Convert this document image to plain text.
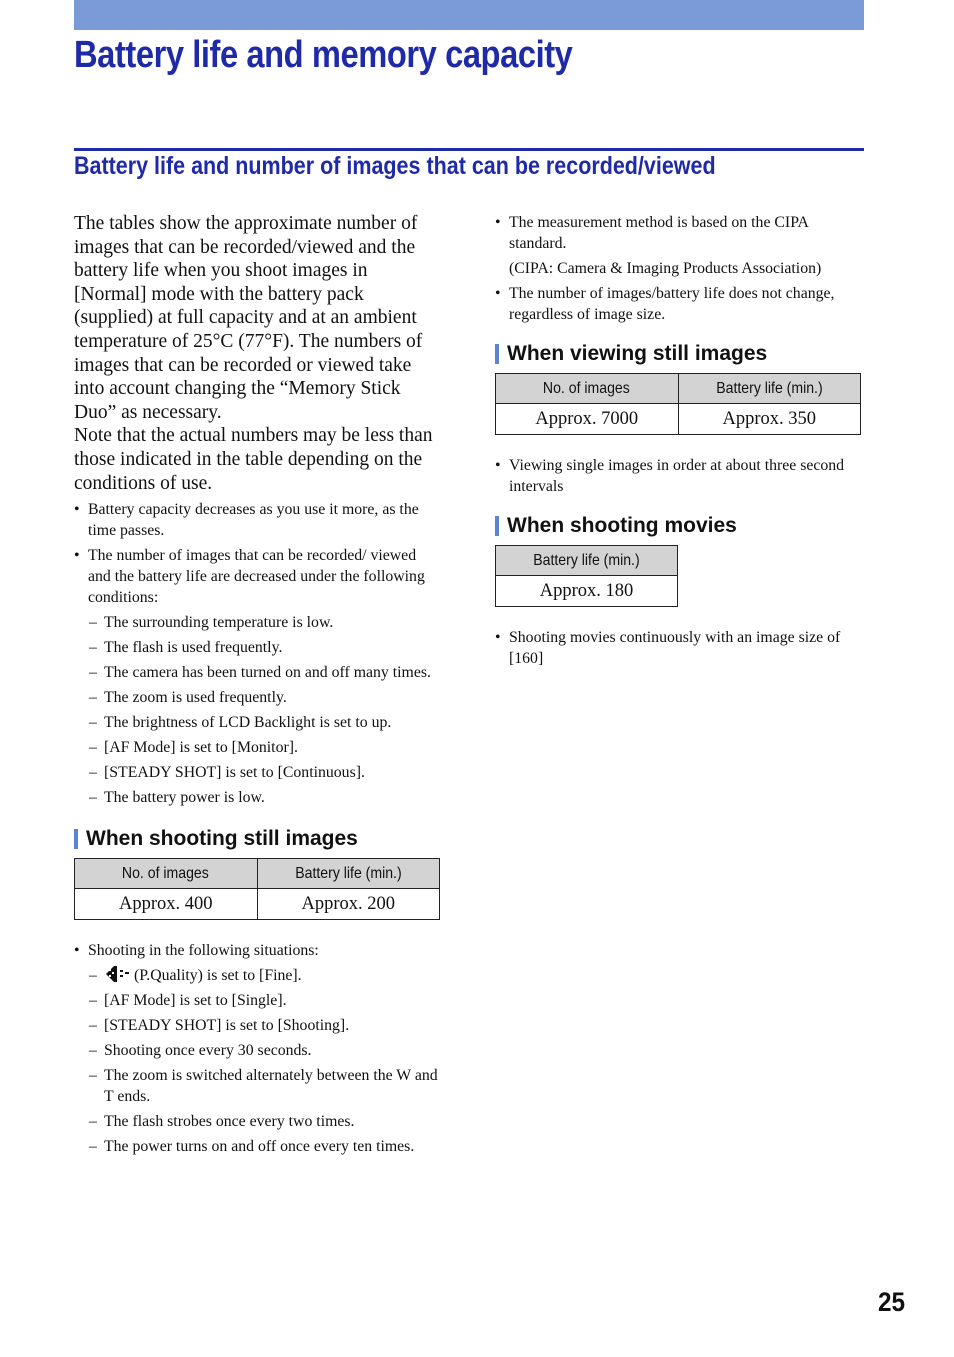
Battery life and memory capacity
Battery life and number of images that can be recorded/viewed

The tables show the approximate number of images that can be recorded/viewed and the battery life when you shoot images in [Normal] mode with the battery pack (supplied) at full capacity and at an ambient temperature of 25°C (77°F). The numbers of images that can be recorded or viewed take into account changing the “Memory Stick Duo” as necessary.

Note that the actual numbers may be less than those indicated in the table depending on the conditions of use.

• Battery capacity decreases as you use it more, as the time passes.
• The number of images that can be recorded/ viewed and the battery life are decreased under the following conditions:
– The surrounding temperature is low.
– The flash is used frequently.
– The camera has been turned on and off many times.
– The zoom is used frequently.
– The brightness of LCD Backlight is set to up.
– [AF Mode] is set to [Monitor].
– [STEADY SHOT] is set to [Continuous].
– The battery power is low.
When shooting still images
No. of images	Battery life (min.)
Approx. 400	Approx. 200
• Shooting in the following situations:
– (P.Quality) is set to [Fine].
– [AF Mode] is set to [Single].
– [STEADY SHOT] is set to [Shooting].
– Shooting once every 30 seconds.
– The zoom is switched alternately between the W and T ends.
– The flash strobes once every two times.
– The power turns on and off once every ten times.
• The measurement method is based on the CIPA standard.
(CIPA: Camera & Imaging Products Association)
• The number of images/battery life does not change, regardless of image size.
When viewing still images
No. of images	Battery life (min.)
Approx. 7000	Approx. 350
• Viewing single images in order at about three second intervals
When shooting movies
Battery life (min.)
Approx. 180
• Shooting movies continuously with an image size of [160]
25
